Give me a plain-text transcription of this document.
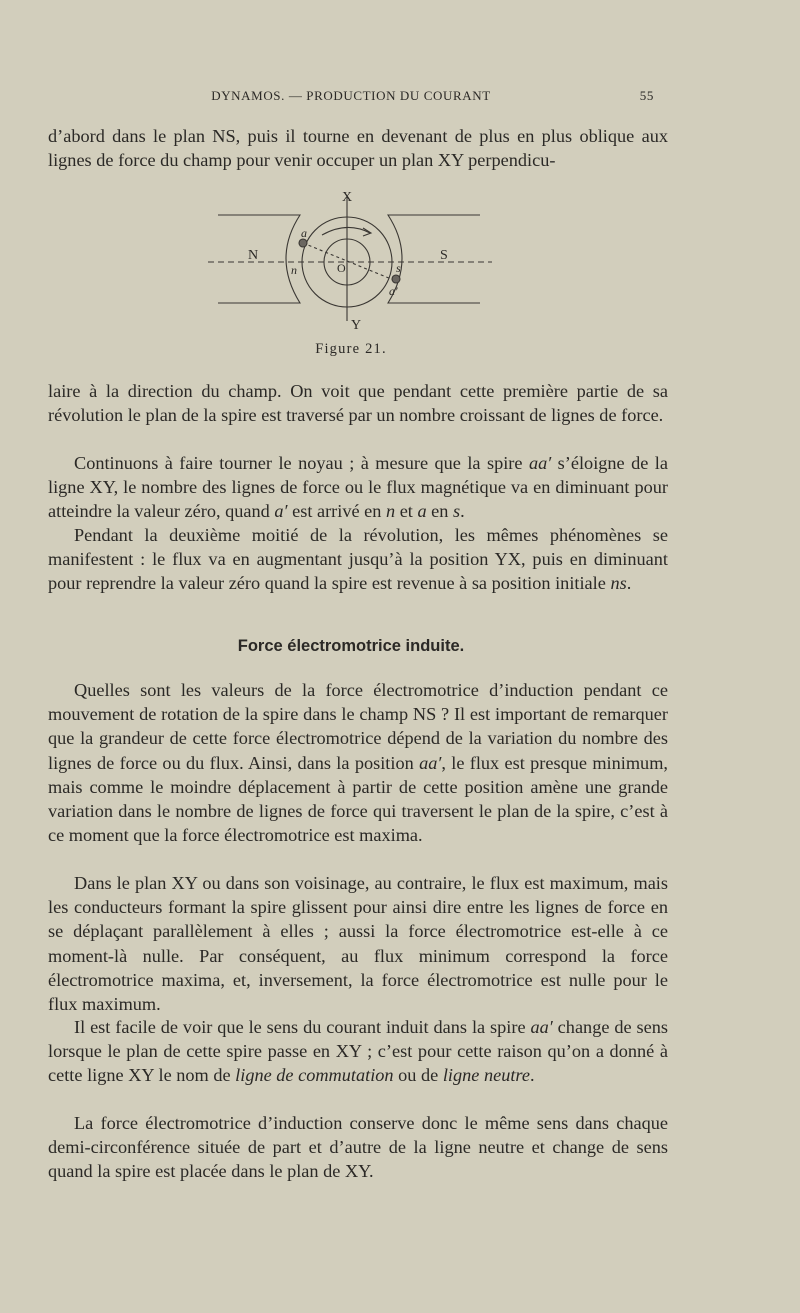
DYNAMOS. — PRODUCTION DU COURANT	55

d’abord dans le plan NS, puis il tourne en devenant de plus en plus oblique aux lignes de force du champ pour venir occuper un plan XY perpendicu-

X
Y
N	S
a
a′
n	s
O
Figure 21.

laire à la direction du champ. On voit que pendant cette première partie de sa révolution le plan de la spire est traversé par un nombre croissant de lignes de force.

Continuons à faire tourner le noyau ; à mesure que la spire aa′ s’éloigne de la ligne XY, le nombre des lignes de force ou le flux magnétique va en diminuant pour atteindre la valeur zéro, quand a′ est arrivé en n et a en s.

Pendant la deuxième moitié de la révolution, les mêmes phénomènes se manifestent : le flux va en augmentant jusqu’à la position YX, puis en diminuant pour reprendre la valeur zéro quand la spire est revenue à sa position initiale ns.

Force électromotrice induite.

Quelles sont les valeurs de la force électromotrice d’induction pendant ce mouvement de rotation de la spire dans le champ NS ? Il est important de remarquer que la grandeur de cette force électromotrice dépend de la variation du nombre des lignes de force ou du flux. Ainsi, dans la position aa′, le flux est presque minimum, mais comme le moindre déplacement à partir de cette position amène une grande variation dans le nombre de lignes de force qui traversent le plan de la spire, c’est à ce moment que la force électromotrice est maxima.

Dans le plan XY ou dans son voisinage, au contraire, le flux est maximum, mais les conducteurs formant la spire glissent pour ainsi dire entre les lignes de force en se déplaçant parallèlement à elles ; aussi la force électromotrice est-elle à ce moment-là nulle. Par conséquent, au flux minimum correspond la force électromotrice maxima, et, inversement, la force électromotrice est nulle pour le flux maximum.

Il est facile de voir que le sens du courant induit dans la spire aa′ change de sens lorsque le plan de cette spire passe en XY ; c’est pour cette raison qu’on a donné à cette ligne XY le nom de ligne de commutation ou de ligne neutre.

La force électromotrice d’induction conserve donc le même sens dans chaque demi-circonférence située de part et d’autre de la ligne neutre et change de sens quand la spire est placée dans le plan de XY.
